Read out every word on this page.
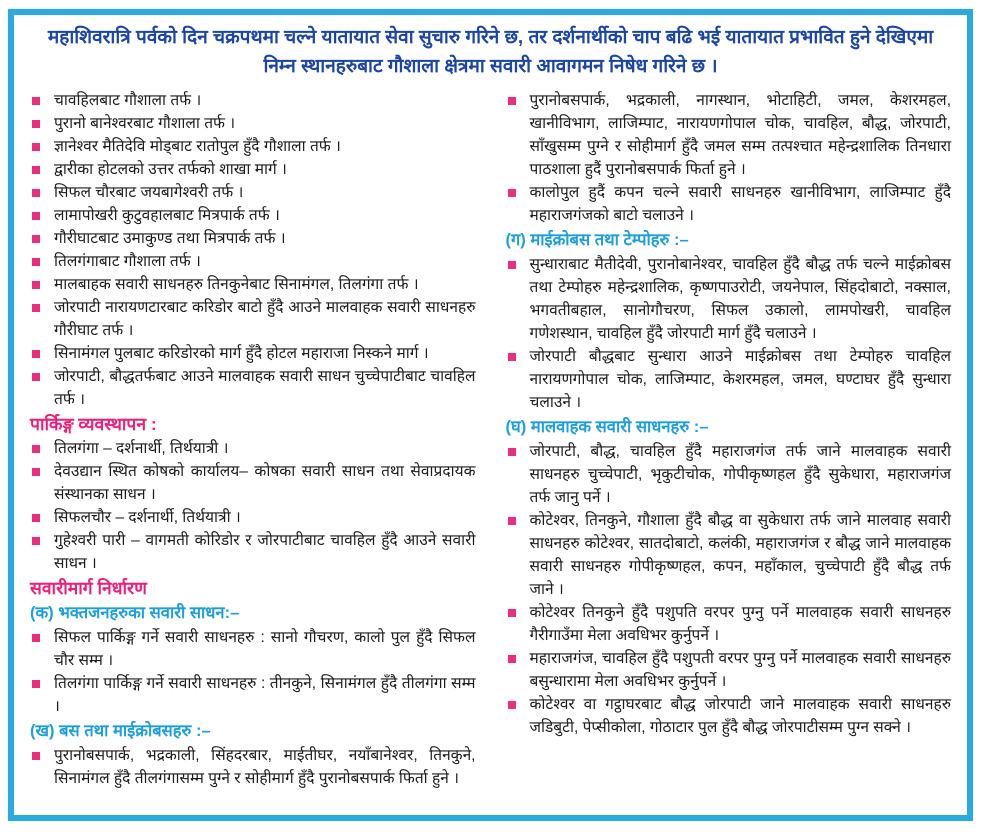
महाशिवरात्रि पर्वको दिन चक्रपथमा चल्ने यातायात सेवा सुचारु गरिने छ, तर दर्शनार्थीको चाप बढि भई यातायात प्रभावित हुने देखिएमा निम्न स्थानहरुबाट गौशाला क्षेत्रमा सवारी आवागमन निषेध गरिने छ ।
चावहिलबाट गौशाला तर्फ ।
पुरानो बानेश्वरबाट गौशाला तर्फ ।
ज्ञानेश्वर मैतिदेवि मोड्बाट रातोपुल हुँदै गौशाला तर्फ ।
द्वारीका होटलको उत्तर तर्फको शाखा मार्ग ।
सिफल चौरबाट जयबागेश्वरी तर्फ ।
लामापोखरी कुटुवहालबाट मित्रपार्क तर्फ ।
गौरीघाटबाट उमाकुण्ड तथा मित्रपार्क तर्फ ।
तिलगंगाबाट गौशाला तर्फ ।
मालबाहक सवारी साधनहरु तिनकुनेबाट सिनामंगल, तिलगंगा तर्फ ।
जोरपाटी नारायणटारबाट करिडोर बाटो हुँदै आउने मालवाहक सवारी साधनहरु गौरीघाट तर्फ ।
सिनामंगल पुलबाट करिडोरको मार्ग हुँदै होटल महाराजा निस्कने मार्ग ।
जोरपाटी, बौद्धतर्फबाट आउने मालवाहक सवारी साधन चुच्चेपाटीबाट चावहिल तर्फ ।
पार्किङ्ग व्यवस्थापन :
तिलगंगा – दर्शनार्थी, तिर्थयात्री ।
देवउद्यान स्थित कोषको कार्यालय– कोषका सवारी साधन तथा सेवाप्रदायक संस्थानका साधन ।
सिफलचौर – दर्शनार्थी, तिर्थयात्री ।
गुहेश्वरी पारी – वागमती कोरिडोर र जोरपाटीबाट चावहिल हुँदै आउने सवारी साधन ।
सवारीमार्ग निर्धारण
(क) भक्तजनहरुका सवारी साधन:–
सिफल पार्किङ्ग गर्ने सवारी साधनहरु : सानो गौचरण, कालो पुल हुँदै सिफल चौर सम्म ।
तिलगंगा पार्किङ्ग गर्ने सवारी साधनहरु : तीनकुने, सिनामंगल हुँदै तीलगंगा सम्म ।
(ख) बस तथा माईक्रोबसहरु :–
पुरानोबसपार्क, भद्रकाली, सिंहदरबार, माईतीघर, नयाँबानेश्वर, तिनकुने, सिनामंगल हुँदै तीलगंगासम्म पुग्ने र सोहीमार्ग हुँदै पुरानोबसपार्क फिर्ता हुने ।
पुरानोबसपार्क, भद्रकाली, नागस्थान, भोटाहिटी, जमल, केशरमहल, खानीविभाग, लाजिम्पाट, नारायणगोपाल चोक, चावहिल, बौद्ध, जोरपाटी, साँखुसम्म पुग्ने र सोहीमार्ग हुँदै जमल सम्म तत्पश्चात महेन्द्रशालिक तिनधारा पाठशाला हुदैं पुरानोबसपार्क फिर्ता हुने ।
कालोपुल हुदैं कपन चल्ने सवारी साधनहरु खानीविभाग, लाजिम्पाट हुँदै महाराजगंजको बाटो चलाउने ।
(ग) माईक्रोबस तथा टेम्पोहरु :–
सुन्धाराबाट मैतीदेवी, पुरानोबानेश्वर, चावहिल हुँदै बौद्ध तर्फ चल्ने माईक्रोबस तथा टेम्पोहरु महेन्द्रशालिक, कृष्णपाउरोटी, जयनेपाल, सिंहदोबाटो, नक्साल, भगवतीबहाल, सानोगौचरण, सिफल उकालो, लामपोखरी, चावहिल गणेशस्थान, चावहिल हुँदै जोरपाटी मार्ग हुँदै चलाउने ।
जोरपाटी बौद्धबाट सुन्धारा आउने माईक्रोबस तथा टेम्पोहरु चावहिल नारायणगोपाल चोक, लाजिम्पाट, केशरमहल, जमल, घण्टाघर हुँदै सुन्धारा चलाउने ।
(घ) मालवाहक सवारी साधनहरु :–
जोरपाटी, बौद्ध, चावहिल हुँदै महाराजगंज तर्फ जाने मालवाहक सवारी साधनहरु चुच्चेपाटी, भृकुटीचोक, गोपीकृष्णहल हुँदै सुकेधारा, महाराजगंज तर्फ जानु पर्ने ।
कोटेश्वर, तिनकुने, गौशाला हुँदै बौद्ध वा सुकेधारा तर्फ जाने मालवाह सवारी साधनहरु कोटेश्वर, सातदोबाटो, कलंकी, महाराजगंज र बौद्ध जाने मालवाहक सवारी साधनहरु गोपीकृष्णहल, कपन, महाँकाल, चुच्चेपाटी हुँदै बौद्ध तर्फ जाने ।
कोटेश्वर तिनकुने हुँदै पशुपति वरपर पुग्नु पर्ने मालवाहक सवारी साधनहरु गैरीगाउँमा मेला अवधिभर कुर्नुपर्ने ।
महाराजगंज, चावहिल हुँदै पशुपती वरपर पुग्नु पर्ने मालवाहक सवारी साधनहरु बसुन्धारामा मेला अवधिभर कुर्नुपर्ने ।
कोटेश्वर वा गट्ठाघरबाट बौद्ध जोरपाटी जाने मालवाहक सवारी साधनहरु जडिबुटी, पेप्सीकोला, गोठाटार पुल हुँदै बौद्ध जोरपाटीसम्म पुग्न सक्ने ।
